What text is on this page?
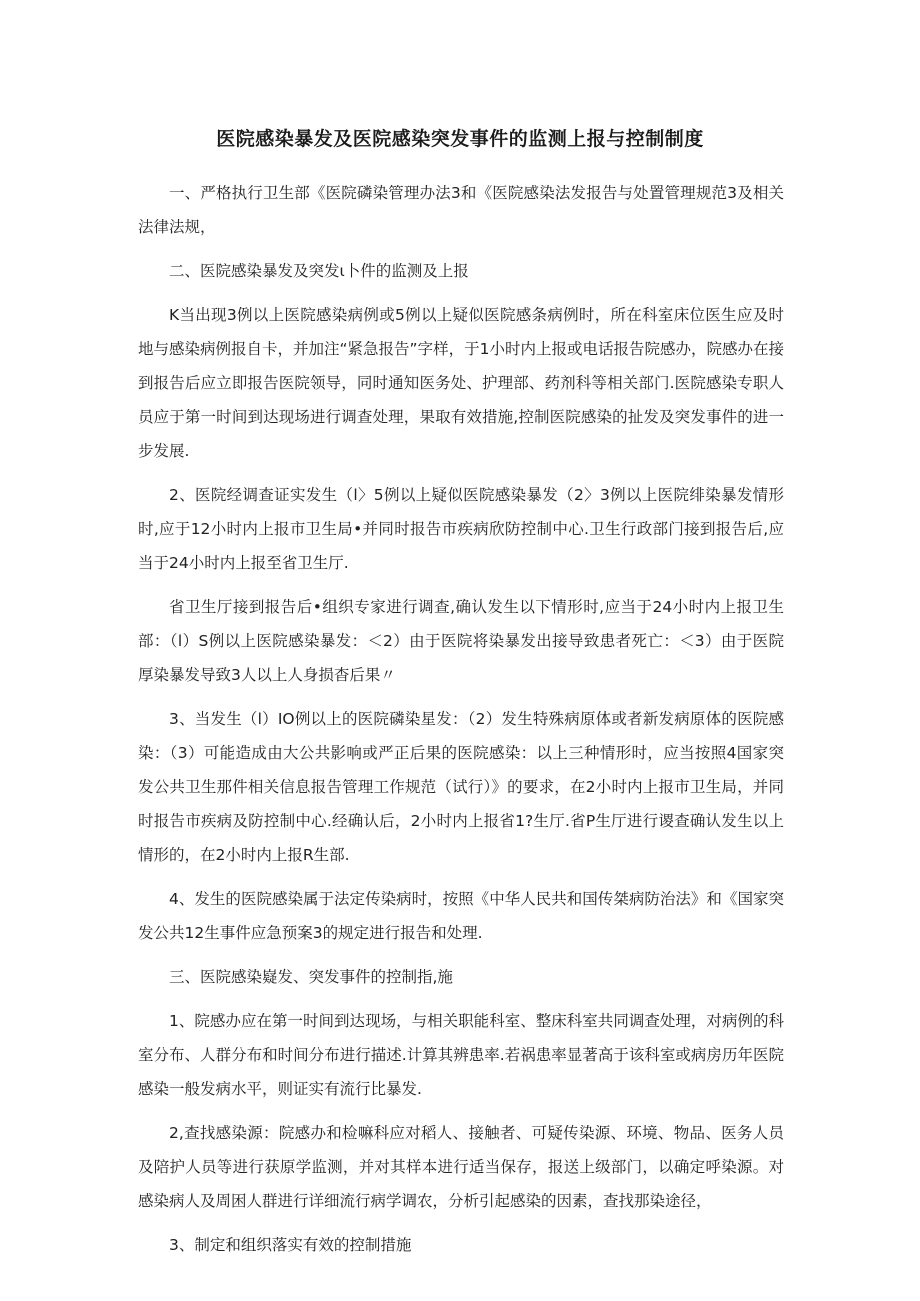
医院感染暴发及医院感染突发事件的监测上报与控制制度

一、严格执行卫生部《医院磷染管理办法3和《医院感染法发报告与处置管理规范3及相关法律法规，

二、医院感染暴发及突发ι卜件的监测及上报

K当出现3例以上医院感染病例或5例以上疑似医院感条病例时，所在科室床位医生应及时地与感染病例报自卡，并加注“紧急报告”字样，于1小时内上报或电话报告院感办，院感办在接到报告后应立即报告医院领导，同时通知医务处、护理部、药剂科等相关部门.医院感染专职人员应于第一时间到达现场进行调查处理，果取有效措施,控制医院感染的扯发及突发事件的进一步发展.

2、医院经调查证实发生（l〉5例以上疑似医院感染暴发（2〉3例以上医院绯染暴发情形时,应于12小时内上报市卫生局•并同时报告市疾病欣防控制中心.卫生行政部门接到报告后,应当于24小时内上报至省卫生厅.

省卫生厅接到报告后•组织专家进行调查,确认发生以下情形时,应当于24小时内上报卫生部：（l）S例以上医院感染暴发：＜2）由于医院将染暴发出接导致患者死亡：＜3）由于医院厚染暴发导致3人以上人身损杳后果〃

3、当发生（l）IO例以上的医院磷染星发：（2）发生特殊病原体或者新发病原体的医院感染：（3）可能造成由大公共影响或严正后果的医院感染：以上三种情形时，应当按照4国家突发公共卫生那件相关信息报告管理工作规范（试行）》的要求，在2小时内上报市卫生局，并同时报告市疾病及防控制中心.经确认后，2小时内上报省1?生厅.省P生厅进行谡查确认发生以上情形的，在2小时内上报R生部.

4、发生的医院感染属于法定传染病时，按照《中华人民共和国传桀病防治法》和《国家突发公共12生事件应急预案3的规定进行报告和处理.

三、医院感染嶷发、突发事件的控制指,施

1、院感办应在第一时间到达现场，与相关职能科室、整床科室共同调查处理，对病例的科室分布、人群分布和时间分布进行描述.计算其辨患率.若祸患率显著高于该科室或病房历年医院感染一般发病水平，则证实有流行比暴发.

2,查找感染源：院感办和检嘛科应对稻人、接触者、可疑传染源、环境、物品、医务人员及陪护人员等进行获原学监测，并对其样本进行适当保存，报送上级部门，以确定呼染源。对感染病人及周困人群进行详细流行病学调农，分析引起感染的因素，查找那染途径，

3、制定和组织落实有效的控制措施
